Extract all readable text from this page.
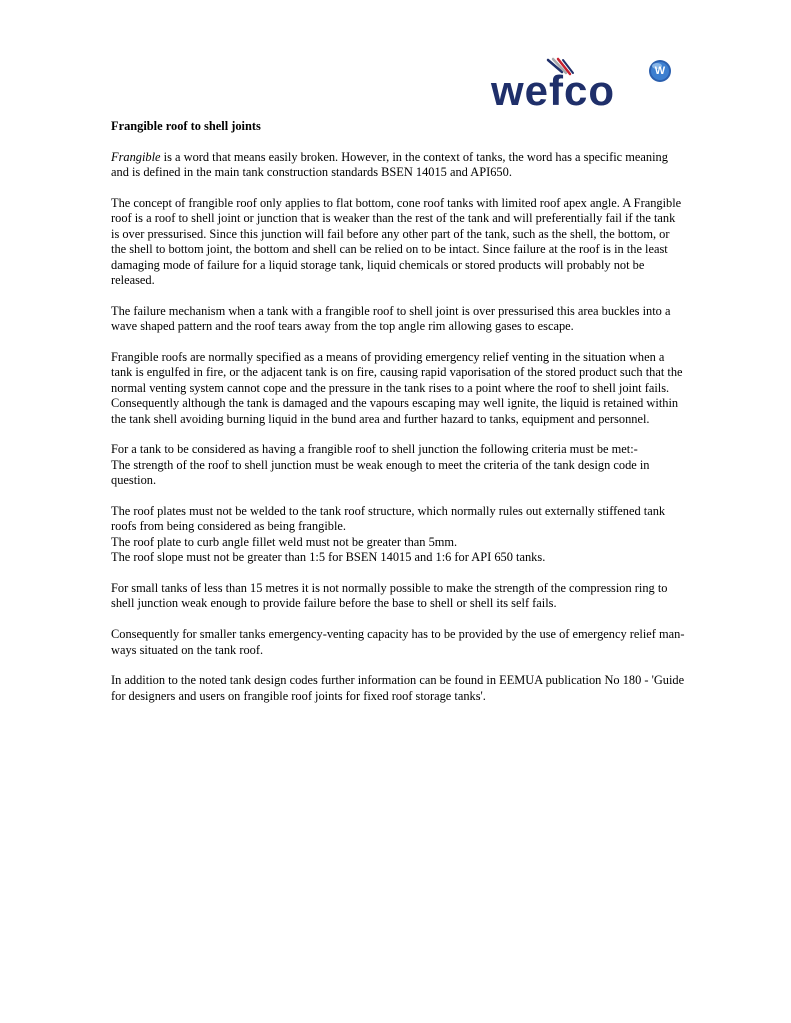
wefco	W
Frangible roof to shell joints

Frangible is a word that means easily broken. However, in the context of tanks, the word has a specific meaning and is defined in the main tank construction standards BSEN 14015 and API650.

The concept of frangible roof only applies to flat bottom, cone roof tanks with limited roof apex angle. A Frangible roof is a roof to shell joint or junction that is weaker than the rest of the tank and will preferentially fail if the tank is over pressurised. Since this junction will fail before any other part of the tank, such as the shell, the bottom, or the shell to bottom joint, the bottom and shell can be relied on to be intact. Since failure at the roof is in the least damaging mode of failure for a liquid storage tank, liquid chemicals or stored products will probably not be released.

The failure mechanism when a tank with a frangible roof to shell joint is over pressurised this area buckles into a wave shaped pattern and the roof tears away from the top angle rim allowing gases to escape.

Frangible roofs are normally specified as a means of providing emergency relief venting in the situation when a tank is engulfed in fire, or the adjacent tank is on fire, causing rapid vaporisation of the stored product such that the normal venting system cannot cope and the pressure in the tank rises to a point where the roof to shell joint fails. Consequently although the tank is damaged and the vapours escaping may well ignite, the liquid is retained within the tank shell avoiding burning liquid in the bund area and further hazard to tanks, equipment and personnel.

For a tank to be considered as having a frangible roof to shell junction the following criteria must be met:-
The strength of the roof to shell junction must be weak enough to meet the criteria of the tank design code in question.

The roof plates must not be welded to the tank roof structure, which normally rules out externally stiffened tank roofs from being considered as being frangible.
The roof plate to curb angle fillet weld must not be greater than 5mm.
The roof slope must not be greater than 1:5 for BSEN 14015 and 1:6 for API 650 tanks.

For small tanks of less than 15 metres it is not normally possible to make the strength of the compression ring to shell junction weak enough to provide failure before the base to shell or shell its self fails.

Consequently for smaller tanks emergency-venting capacity has to be provided by the use of emergency relief man-ways situated on the tank roof.

In addition to the noted tank design codes further information can be found in EEMUA publication No 180 - 'Guide for designers and users on frangible roof joints for fixed roof storage tanks'.
